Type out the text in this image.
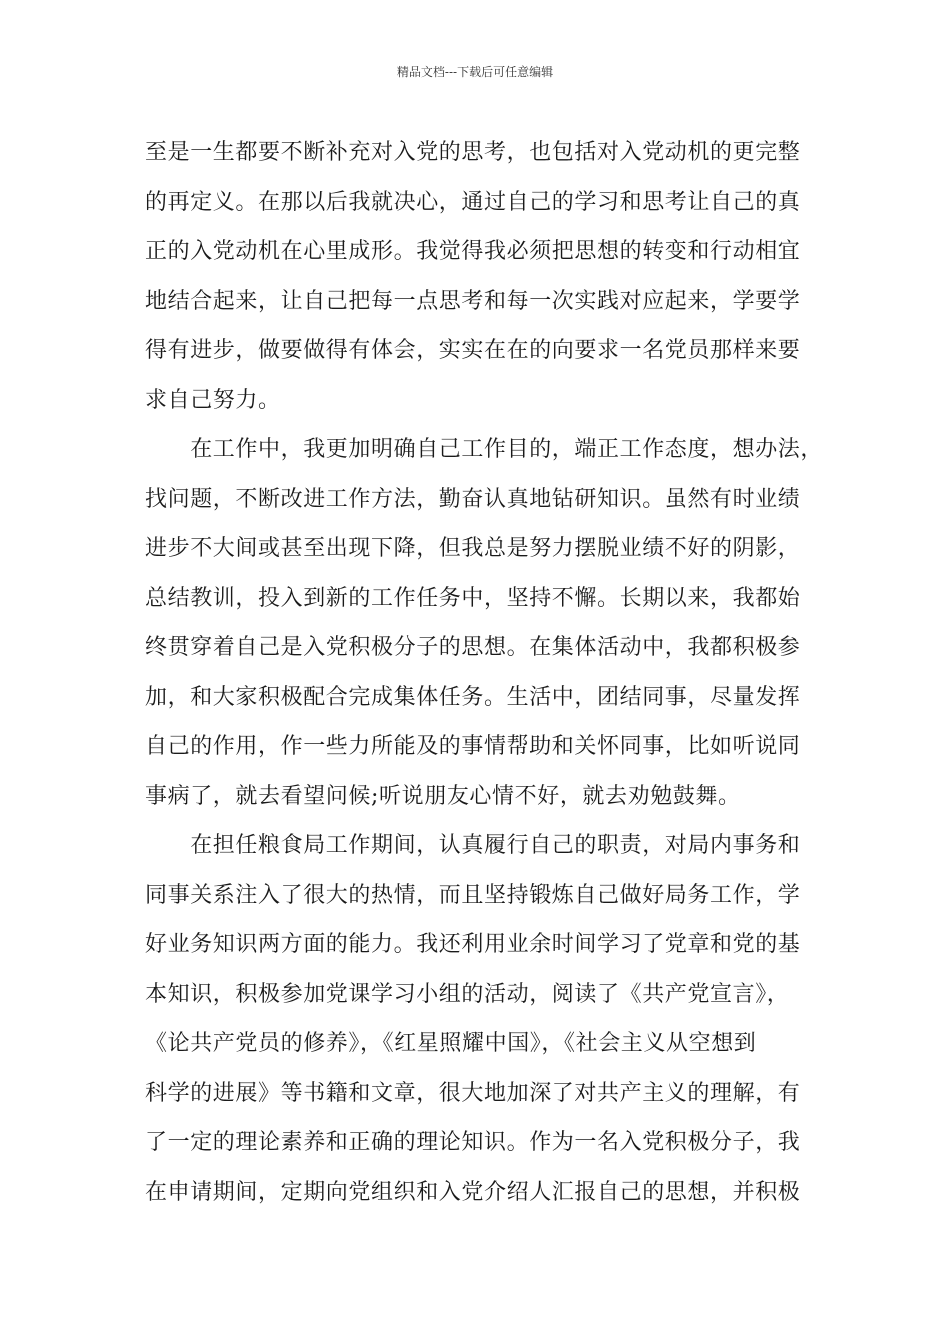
精品文档---下载后可任意编辑
至是一生都要不断补充对入党的思考，也包括对入党动机的更完整
的再定义。在那以后我就决心，通过自己的学习和思考让自己的真
正的入党动机在心里成形。我觉得我必须把思想的转变和行动相宜
地结合起来，让自己把每一点思考和每一次实践对应起来，学要学
得有进步，做要做得有体会，实实在在的向要求一名党员那样来要
求自己努力。
　　在工作中，我更加明确自己工作目的，端正工作态度，想办法，
找问题，不断改进工作方法，勤奋认真地钻研知识。虽然有时业绩
进步不大间或甚至出现下降，但我总是努力摆脱业绩不好的阴影，
总结教训，投入到新的工作任务中，坚持不懈。长期以来，我都始
终贯穿着自己是入党积极分子的思想。在集体活动中，我都积极参
加，和大家积极配合完成集体任务。生活中，团结同事，尽量发挥
自己的作用，作一些力所能及的事情帮助和关怀同事，比如听说同
事病了，就去看望问候;听说朋友心情不好，就去劝勉鼓舞。
　　在担任粮食局工作期间，认真履行自己的职责，对局内事务和
同事关系注入了很大的热情，而且坚持锻炼自己做好局务工作，学
好业务知识两方面的能力。我还利用业余时间学习了党章和党的基
本知识，积极参加党课学习小组的活动，阅读了《共产党宣言》，
《论共产党员的修养》，《红星照耀中国》，《社会主义从空想到
科学的进展》等书籍和文章，很大地加深了对共产主义的理解，有
了一定的理论素养和正确的理论知识。作为一名入党积极分子，我
在申请期间，定期向党组织和入党介绍人汇报自己的思想，并积极
